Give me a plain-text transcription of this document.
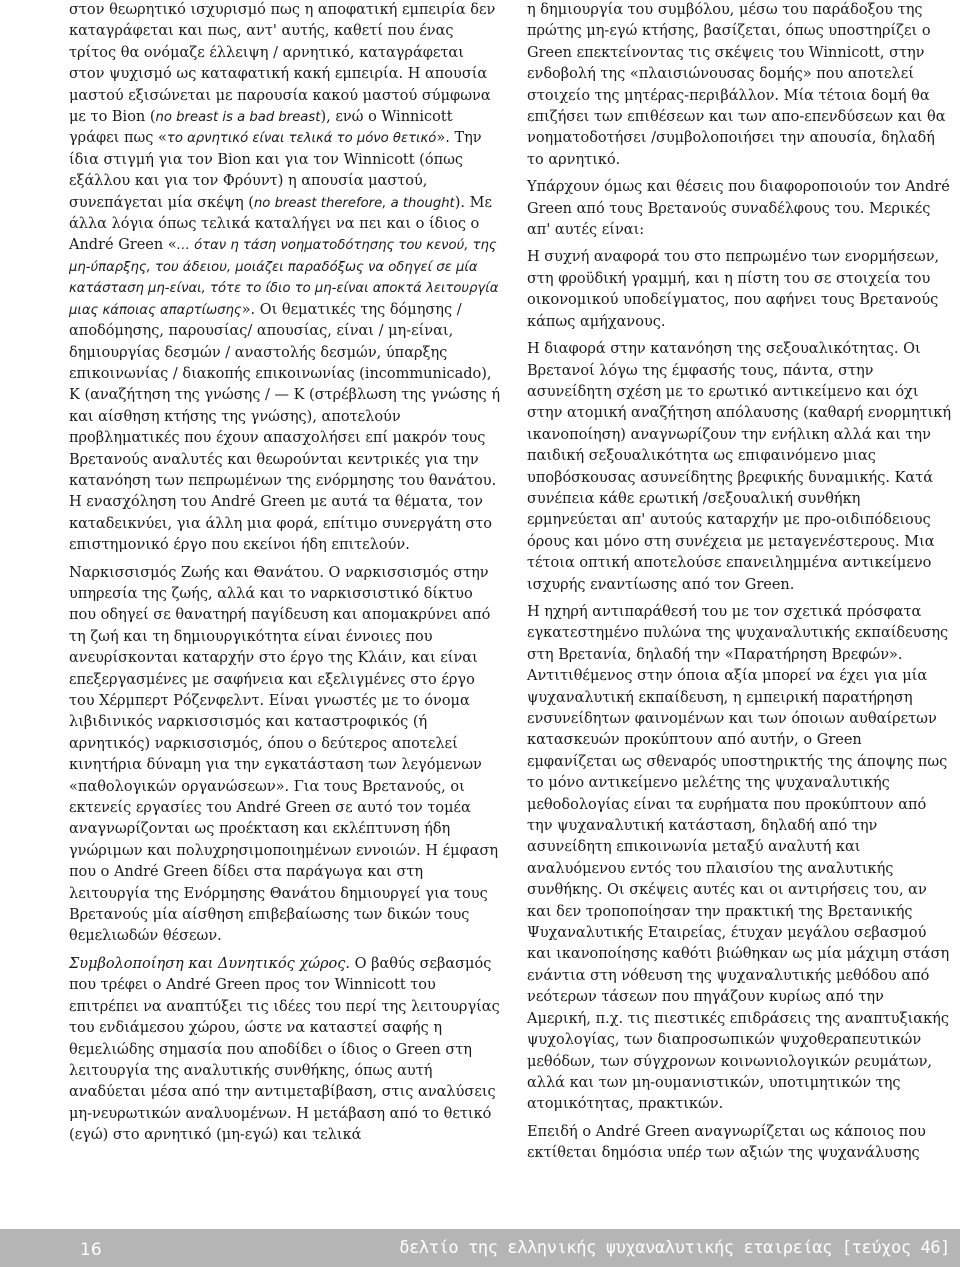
στον θεωρητικό ισχυρισμό πως η αποφατική εμπειρία δεν καταγράφεται και πως, αντ' αυτής, καθετί που ένας τρίτος θα ονόμαζε έλλειψη / αρνητικό, καταγράφεται στον ψυχισμό ως καταφατική κακή εμπειρία. Η απουσία μαστού εξισώνεται με παρουσία κακού μαστού σύμφωνα με το Bion (no breast is a bad breast), ενώ ο Winnicott γράφει πως «το αρνητικό είναι τελικά το μόνο θετικό». Την ίδια στιγμή για τον Bion και για τον Winnicott (όπως εξάλλου και για τον Φρόυντ) η απουσία μαστού, συνεπάγεται μία σκέψη (no breast therefore, a thought). Με άλλα λόγια όπως τελικά καταλήγει να πει και ο ίδιος ο André Green «… όταν η τάση νοηματοδότησης του κενού, της μη-ύπαρξης, του άδειου, μοιάζει παραδόξως να οδηγεί σε μία κατάσταση μη-είναι, τότε το ίδιο το μη-είναι αποκτά λειτουργία μιας κάποιας απαρτίωσης». Οι θεματικές της δόμησης / αποδόμησης, παρουσίας/ απουσίας, είναι / μη-είναι, δημιουργίας δεσμών / αναστολής δεσμών, ύπαρξης επικοινωνίας / διακοπής επικοινωνίας (incommunicado), K (αναζήτηση της γνώσης / — K (στρέβλωση της γνώσης ή και αίσθηση κτήσης της γνώσης), αποτελούν προβληματικές που έχουν απασχολήσει επί μακρόν τους Βρετανούς αναλυτές και θεωρούνται κεντρικές για την κατανόηση των πεπρωμένων της ενόρμησης του θανάτου. Η ενασχόληση του André Green με αυτά τα θέματα, τον καταδεικνύει, για άλλη μια φορά, επίτιμο συνεργάτη στο επιστημονικό έργο που εκείνοι ήδη επιτελούν.

Ναρκισσισμός Ζωής και Θανάτου. Ο ναρκισσισμός στην υπηρεσία της ζωής, αλλά και το ναρκισσιστικό δίκτυο που οδηγεί σε θανατηρή παγίδευση και απομακρύνει από τη ζωή και τη δημιουργικότητα είναι έννοιες που ανευρίσκονται καταρχήν στο έργο της Κλάιν, και είναι επεξεργασμένες με σαφήνεια και εξελιγμένες στο έργο του Χέρμπερτ Ρόζενφελντ. Είναι γνωστές με το όνομα λιβιδινικός ναρκισσισμός και καταστροφικός (ή αρνητικός) ναρκισσισμός, όπου ο δεύτερος αποτελεί κινητήρια δύναμη για την εγκατάσταση των λεγόμενων «παθολογικών οργανώσεων». Για τους Βρετανούς, οι εκτενείς εργασίες του André Green σε αυτό τον τομέα αναγνωρίζονται ως προέκταση και εκλέπτυνση ήδη γνώριμων και πολυχρησιμοποιημένων εννοιών. Η έμφαση που ο André Green δίδει στα παράγωγα και στη λειτουργία της Ενόρμησης Θανάτου δημιουργεί για τους Βρετανούς μία αίσθηση επιβεβαίωσης των δικών τους θεμελιωδών θέσεων.

Συμβολοποίηση και Δυνητικός χώρος. Ο βαθύς σεβασμός που τρέφει ο André Green προς τον Winnicott του επιτρέπει να αναπτύξει τις ιδέες του περί της λειτουργίας του ενδιάμεσου χώρου, ώστε να καταστεί σαφής η θεμελιώδης σημασία που αποδίδει ο ίδιος ο Green στη λειτουργία της αναλυτικής συνθήκης, όπως αυτή αναδύεται μέσα από την αντιμεταβίβαση, στις αναλύσεις μη-νευρωτικών αναλυομένων. Η μετάβαση από το θετικό (εγώ) στο αρνητικό (μη-εγώ) και τελικά

η δημιουργία του συμβόλου, μέσω του παράδοξου της πρώτης μη-εγώ κτήσης, βασίζεται, όπως υποστηρίζει ο Green επεκτείνοντας τις σκέψεις του Winnicott, στην ενδοβολή της «πλαισιώνουσας δομής» που αποτελεί στοιχείο της μητέρας-περιβάλλον. Μία τέτοια δομή θα επιζήσει των επιθέσεων και των απο-επενδύσεων και θα νοηματοδοτήσει /συμβολοποιήσει την απουσία, δηλαδή το αρνητικό.

Υπάρχουν όμως και θέσεις που διαφοροποιούν τον André Green από τους Βρετανούς συναδέλφους του. Μερικές απ' αυτές είναι:

Η συχνή αναφορά του στο πεπρωμένο των ενορμήσεων, στη φροϋδική γραμμή, και η πίστη του σε στοιχεία του οικονομικού υποδείγματος, που αφήνει τους Βρετανούς κάπως αμήχανους.

Η διαφορά στην κατανόηση της σεξουαλικότητας. Οι Βρετανοί λόγω της έμφασής τους, πάντα, στην ασυνείδητη σχέση με το ερωτικό αντικείμενο και όχι στην ατομική αναζήτηση απόλαυσης (καθαρή ενορμητική ικανοποίηση) αναγνωρίζουν την ενήλικη αλλά και την παιδική σεξουαλικότητα ως επιφαινόμενο μιας υποβόσκουσας ασυνείδητης βρεφικής δυναμικής. Κατά συνέπεια κάθε ερωτική /σεξουαλική συνθήκη ερμηνεύεται απ' αυτούς καταρχήν με προ-οιδιπόδειους όρους και μόνο στη συνέχεια με μεταγενέστερους. Μια τέτοια οπτική αποτελούσε επανειλημμένα αντικείμενο ισχυρής εναντίωσης από τον Green.

Η ηχηρή αντιπαράθεσή του με τον σχετικά πρόσφατα εγκατεστημένο πυλώνα της ψυχαναλυτικής εκπαίδευσης στη Βρετανία, δηλαδή την «Παρατήρηση Βρεφών». Αντιτιθέμενος στην όποια αξία μπορεί να έχει για μία ψυχαναλυτική εκπαίδευση, η εμπειρική παρατήρηση ενσυνείδητων φαινομένων και των όποιων αυθαίρετων κατασκευών προκύπτουν από αυτήν, ο Green εμφανίζεται ως σθεναρός υποστηρικτής της άποψης πως το μόνο αντικείμενο μελέτης της ψυχαναλυτικής μεθοδολογίας είναι τα ευρήματα που προκύπτουν από την ψυχαναλυτική κατάσταση, δηλαδή από την ασυνείδητη επικοινωνία μεταξύ αναλυτή και αναλυόμενου εντός του πλαισίου της αναλυτικής συνθήκης. Οι σκέψεις αυτές και οι αντιρήσεις του, αν και δεν τροποποίησαν την πρακτική της Βρετανικής Ψυχαναλυτικής Εταιρείας, έτυχαν μεγάλου σεβασμού και ικανοποίησης καθότι βιώθηκαν ως μία μάχιμη στάση ενάντια στη νόθευση της ψυχαναλυτικής μεθόδου από νεότερων τάσεων που πηγάζουν κυρίως από την Αμερική, π.χ. τις πιεστικές επιδράσεις της αναπτυξιακής ψυχολογίας, των διαπροσωπικών ψυχοθεραπευτικών μεθόδων, των σύγχρονων κοινωνιολογικών ρευμάτων, αλλά και των μη-ουμανιστικών, υποτιμητικών της ατομικότητας, πρακτικών.

Επειδή ο André Green αναγνωρίζεται ως κάποιος που εκτίθεται δημόσια υπέρ των αξιών της ψυχανάλυσης

16	δελτίο της ελληνικής ψυχαναλυτικής εταιρείας [τεύχος 46]
